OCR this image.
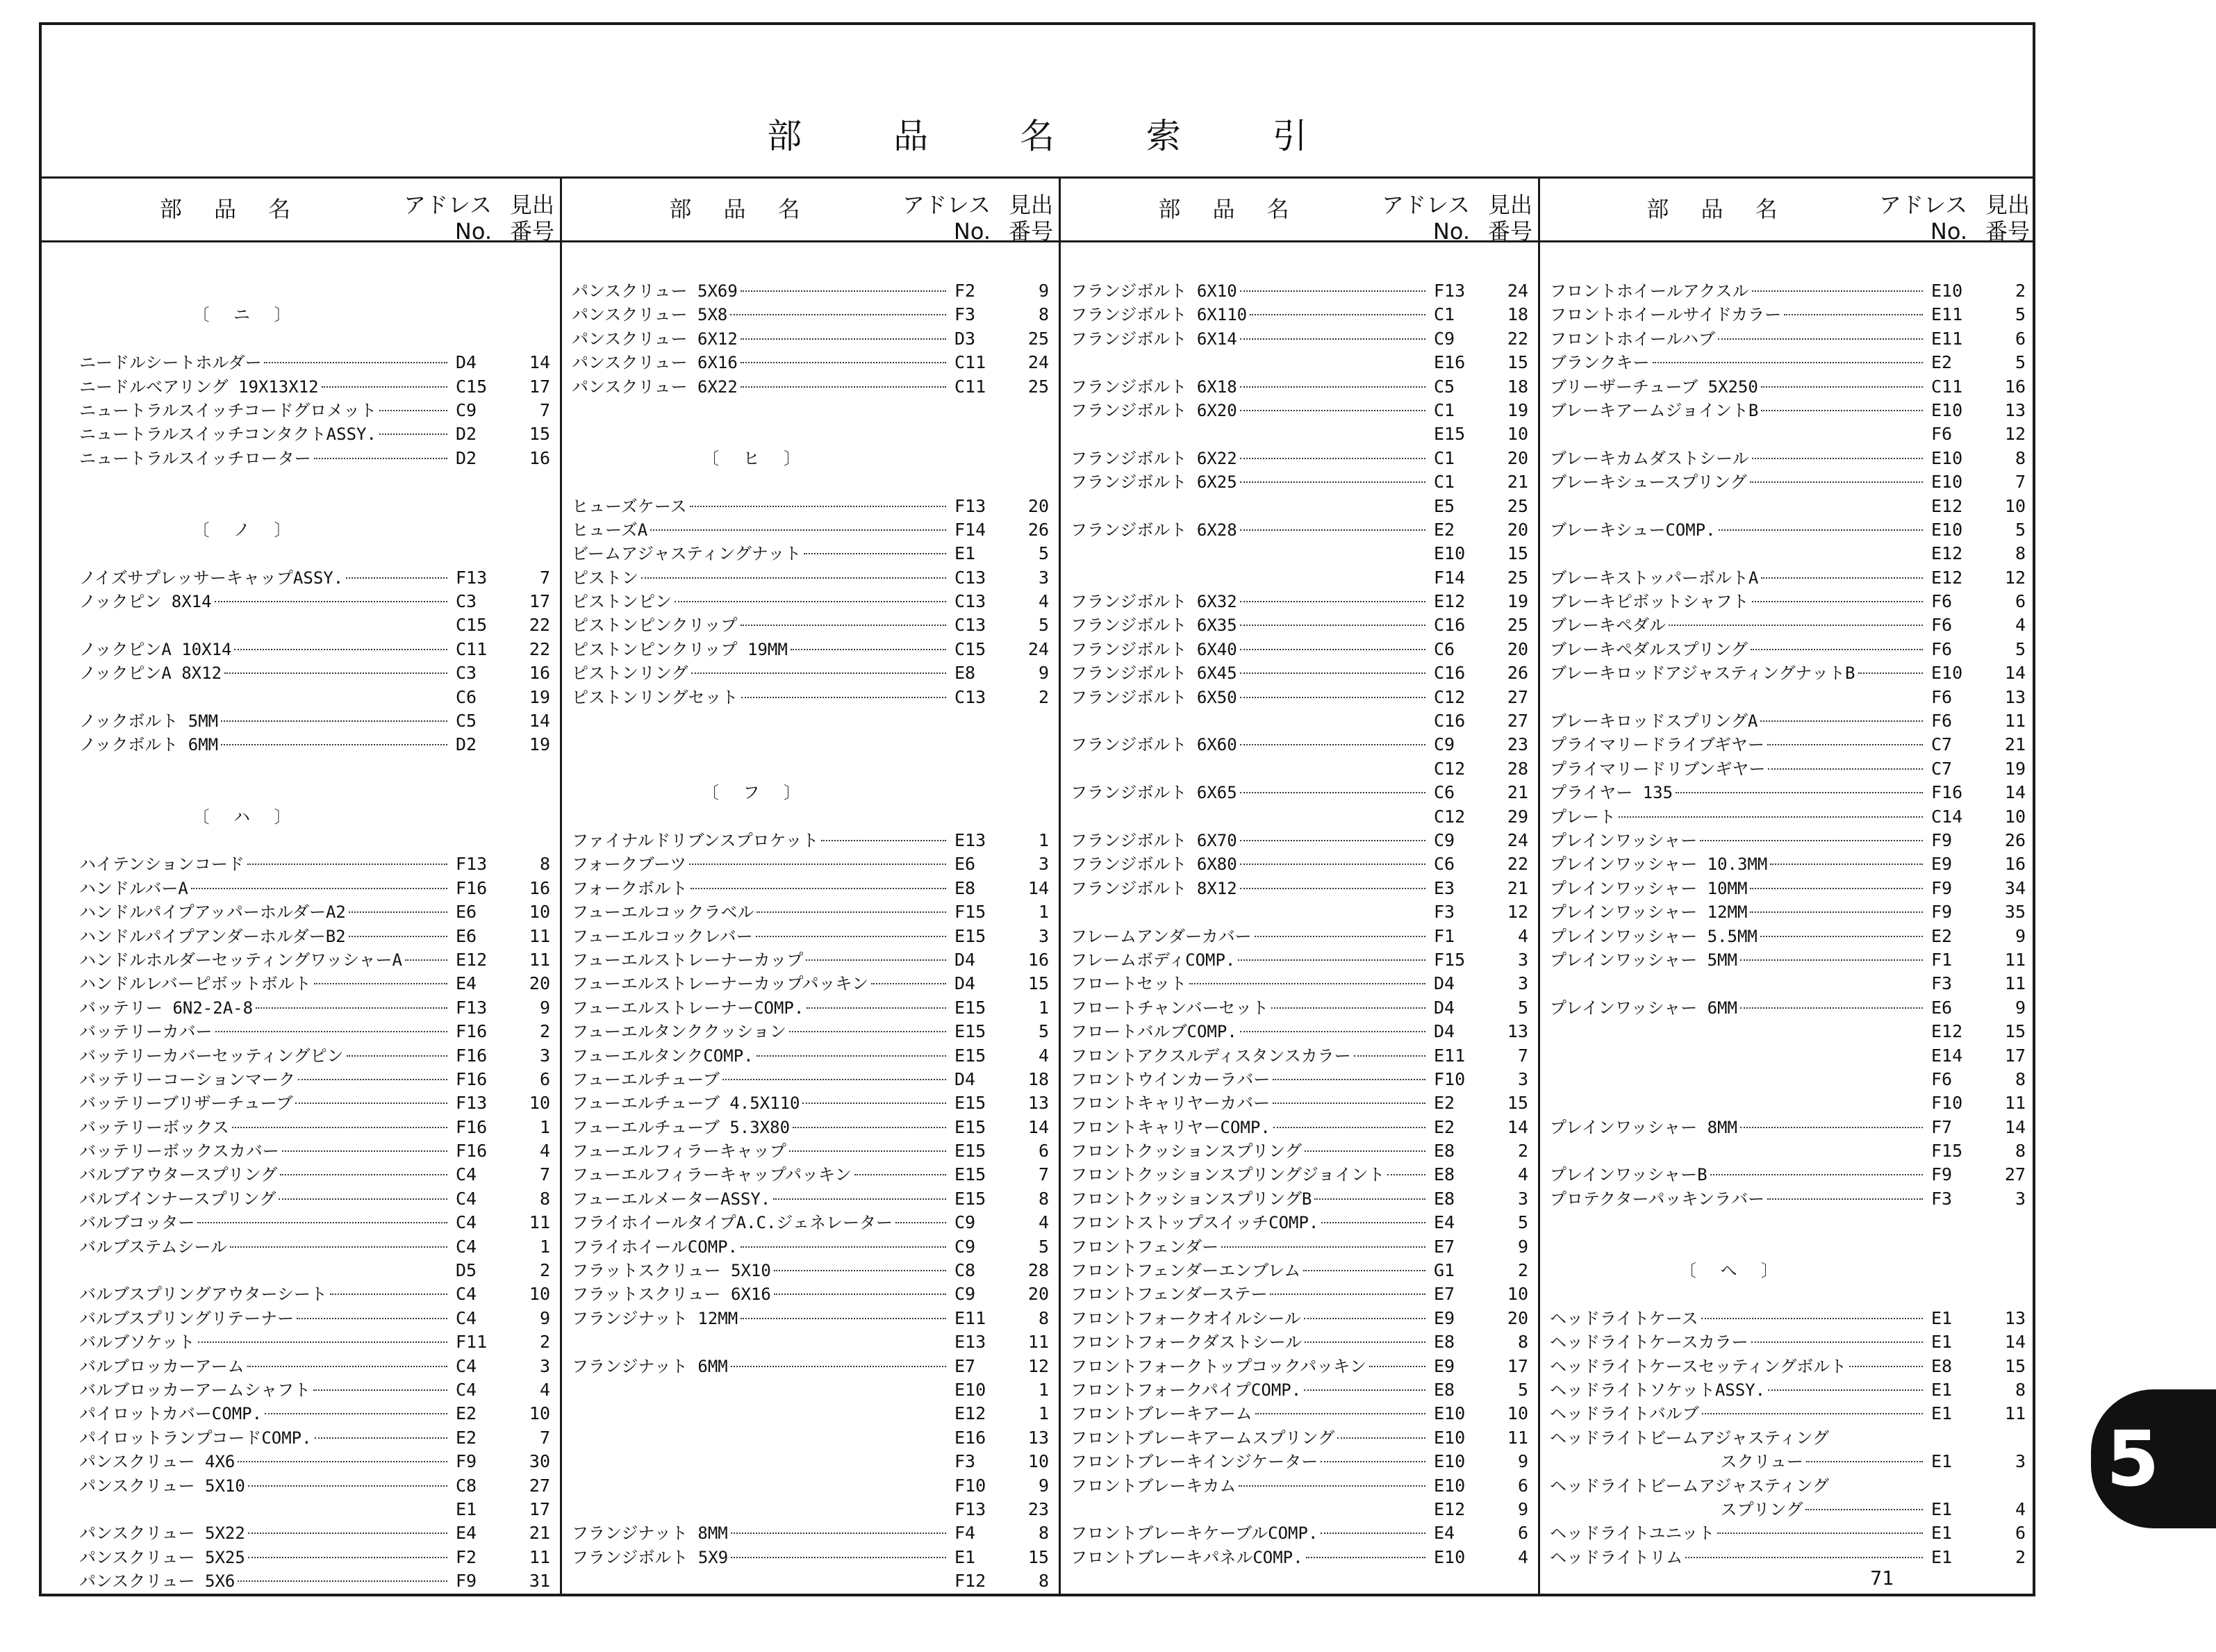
部 品 名 索 引
部 品 名	アドレス
No.
見出
番号
〔 ニ 〕
ニードルシートホルダー	D4	14
ニードルベアリング 19X13X12	C15	17
ニュートラルスイッチコードグロメット	C9	7
ニュートラルスイッチコンタクトASSY.	D2	15
ニュートラルスイッチローター	D2	16
〔 ノ 〕
ノイズサプレッサーキャップASSY.	F13	7
ノックピン 8X14	C3	17
C15	22
ノックピンA 10X14	C11	22
ノックピンA 8X12	C3	16
C6	19
ノックボルト 5MM	C5	14
ノックボルト 6MM	D2	19
〔 ハ 〕
ハイテンションコード	F13	8
ハンドルバーA	F16	16
ハンドルパイプアッパーホルダーA2	E6	10
ハンドルパイプアンダーホルダーB2	E6	11
ハンドルホルダーセッティングワッシャーA	E12	11
ハンドルレバーピボットボルト	E4	20
バッテリー 6N2-2A-8	F13	9
バッテリーカバー	F16	2
バッテリーカバーセッティングピン	F16	3
バッテリーコーションマーク	F16	6
バッテリーブリザーチューブ	F13	10
バッテリーボックス	F16	1
バッテリーボックスカバー	F16	4
バルブアウタースプリング	C4	7
バルブインナースプリング	C4	8
バルブコッター	C4	11
バルブステムシール	C4	1
D5	2
バルブスプリングアウターシート	C4	10
バルブスプリングリテーナー	C4	9
バルブソケット	F11	2
バルブロッカーアーム	C4	3
バルブロッカーアームシャフト	C4	4
パイロットカバーCOMP.	E2	10
パイロットランプコードCOMP.	E2	7
パンスクリュー 4X6	F9	30
パンスクリュー 5X10	C8	27
E1	17
パンスクリュー 5X22	E4	21
パンスクリュー 5X25	F2	11
パンスクリュー 5X6	F9	31
部 品 名	アドレス
No.
見出
番号
パンスクリュー 5X69	F2	9
パンスクリュー 5X8	F3	8
パンスクリュー 6X12	D3	25
パンスクリュー 6X16	C11	24
パンスクリュー 6X22	C11	25
〔 ヒ 〕
ヒューズケース	F13	20
ヒューズA	F14	26
ビームアジャスティングナット	E1	5
ピストン	C13	3
ピストンピン	C13	4
ピストンピンクリップ	C13	5
ピストンピンクリップ 19MM	C15	24
ピストンリング	E8	9
ピストンリングセット	C13	2
〔 フ 〕
ファイナルドリブンスプロケット	E13	1
フォークブーツ	E6	3
フォークボルト	E8	14
フューエルコックラベル	F15	1
フューエルコックレバー	E15	3
フューエルストレーナーカップ	D4	16
フューエルストレーナーカップパッキン	D4	15
フューエルストレーナーCOMP.	E15	1
フューエルタンククッション	E15	5
フューエルタンクCOMP.	E15	4
フューエルチューブ	D4	18
フューエルチューブ 4.5X110	E15	13
フューエルチューブ 5.3X80	E15	14
フューエルフィラーキャップ	E15	6
フューエルフィラーキャップパッキン	E15	7
フューエルメーターASSY.	E15	8
フライホイールタイプA.C.ジェネレーター	C9	4
フライホイールCOMP.	C9	5
フラットスクリュー 5X10	C8	28
フラットスクリュー 6X16	C9	20
フランジナット 12MM	E11	8
E13	11
フランジナット 6MM	E7	12
E10	1
E12	1
E16	13
F3	10
F10	9
F13	23
フランジナット 8MM	F4	8
フランジボルト 5X9	E1	15
F12	8
部 品 名	アドレス
No.
見出
番号
フランジボルト 6X10	F13	24
フランジボルト 6X110	C1	18
フランジボルト 6X14	C9	22
E16	15
フランジボルト 6X18	C5	18
フランジボルト 6X20	C1	19
E15	10
フランジボルト 6X22	C1	20
フランジボルト 6X25	C1	21
E5	25
フランジボルト 6X28	E2	20
E10	15
F14	25
フランジボルト 6X32	E12	19
フランジボルト 6X35	C16	25
フランジボルト 6X40	C6	20
フランジボルト 6X45	C16	26
フランジボルト 6X50	C12	27
C16	27
フランジボルト 6X60	C9	23
C12	28
フランジボルト 6X65	C6	21
C12	29
フランジボルト 6X70	C9	24
フランジボルト 6X80	C6	22
フランジボルト 8X12	E3	21
F3	12
フレームアンダーカバー	F1	4
フレームボディCOMP.	F15	3
フロートセット	D4	3
フロートチャンバーセット	D4	5
フロートバルブCOMP.	D4	13
フロントアクスルディスタンスカラー	E11	7
フロントウインカーラバー	F10	3
フロントキャリヤーカバー	E2	15
フロントキャリヤーCOMP.	E2	14
フロントクッションスプリング	E8	2
フロントクッションスプリングジョイント	E8	4
フロントクッションスプリングB	E8	3
フロントストップスイッチCOMP.	E4	5
フロントフェンダー	E7	9
フロントフェンダーエンブレム	G1	2
フロントフェンダーステー	E7	10
フロントフォークオイルシール	E9	20
フロントフォークダストシール	E8	8
フロントフォークトップコックパッキン	E9	17
フロントフォークパイプCOMP.	E8	5
フロントブレーキアーム	E10	10
フロントブレーキアームスプリング	E10	11
フロントブレーキインジケーター	E10	9
フロントブレーキカム	E10	6
E12	9
フロントブレーキケーブルCOMP.	E4	6
フロントブレーキパネルCOMP.	E10	4
部 品 名	アドレス
No.
見出
番号
フロントホイールアクスル	E10	2
フロントホイールサイドカラー	E11	5
フロントホイールハブ	E11	6
ブランクキー	E2	5
ブリーザーチューブ 5X250	C11	16
ブレーキアームジョイントB	E10	13
F6	12
ブレーキカムダストシール	E10	8
ブレーキシュースプリング	E10	7
E12	10
ブレーキシューCOMP.	E10	5
E12	8
ブレーキストッパーボルトA	E12	12
ブレーキピボットシャフト	F6	6
ブレーキペダル	F6	4
ブレーキペダルスプリング	F6	5
ブレーキロッドアジャスティングナットB	E10	14
F6	13
ブレーキロッドスプリングA	F6	11
プライマリードライブギヤー	C7	21
プライマリードリブンギヤー	C7	19
プライヤー 135	F16	14
プレート	C14	10
プレインワッシャー	F9	26
プレインワッシャー 10.3MM	E9	16
プレインワッシャー 10MM	F9	34
プレインワッシャー 12MM	F9	35
プレインワッシャー 5.5MM	E2	9
プレインワッシャー 5MM	F1	11
F3	11
プレインワッシャー 6MM	E6	9
E12	15
E14	17
F6	8
F10	11
プレインワッシャー 8MM	F7	14
F15	8
プレインワッシャーB	F9	27
プロテクターパッキンラバー	F3	3
〔 へ 〕
ヘッドライトケース	E1	13
ヘッドライトケースカラー	E1	14
ヘッドライトケースセッティングボルト	E8	15
ヘッドライトソケットASSY.	E1	8
ヘッドライトバルブ	E1	11
ヘッドライトビームアジャスティング
スクリュー	E1	3
ヘッドライトビームアジャスティング
スプリング	E1	4
ヘッドライトユニット	E1	6
ヘッドライトリム	E1	2
71
5
